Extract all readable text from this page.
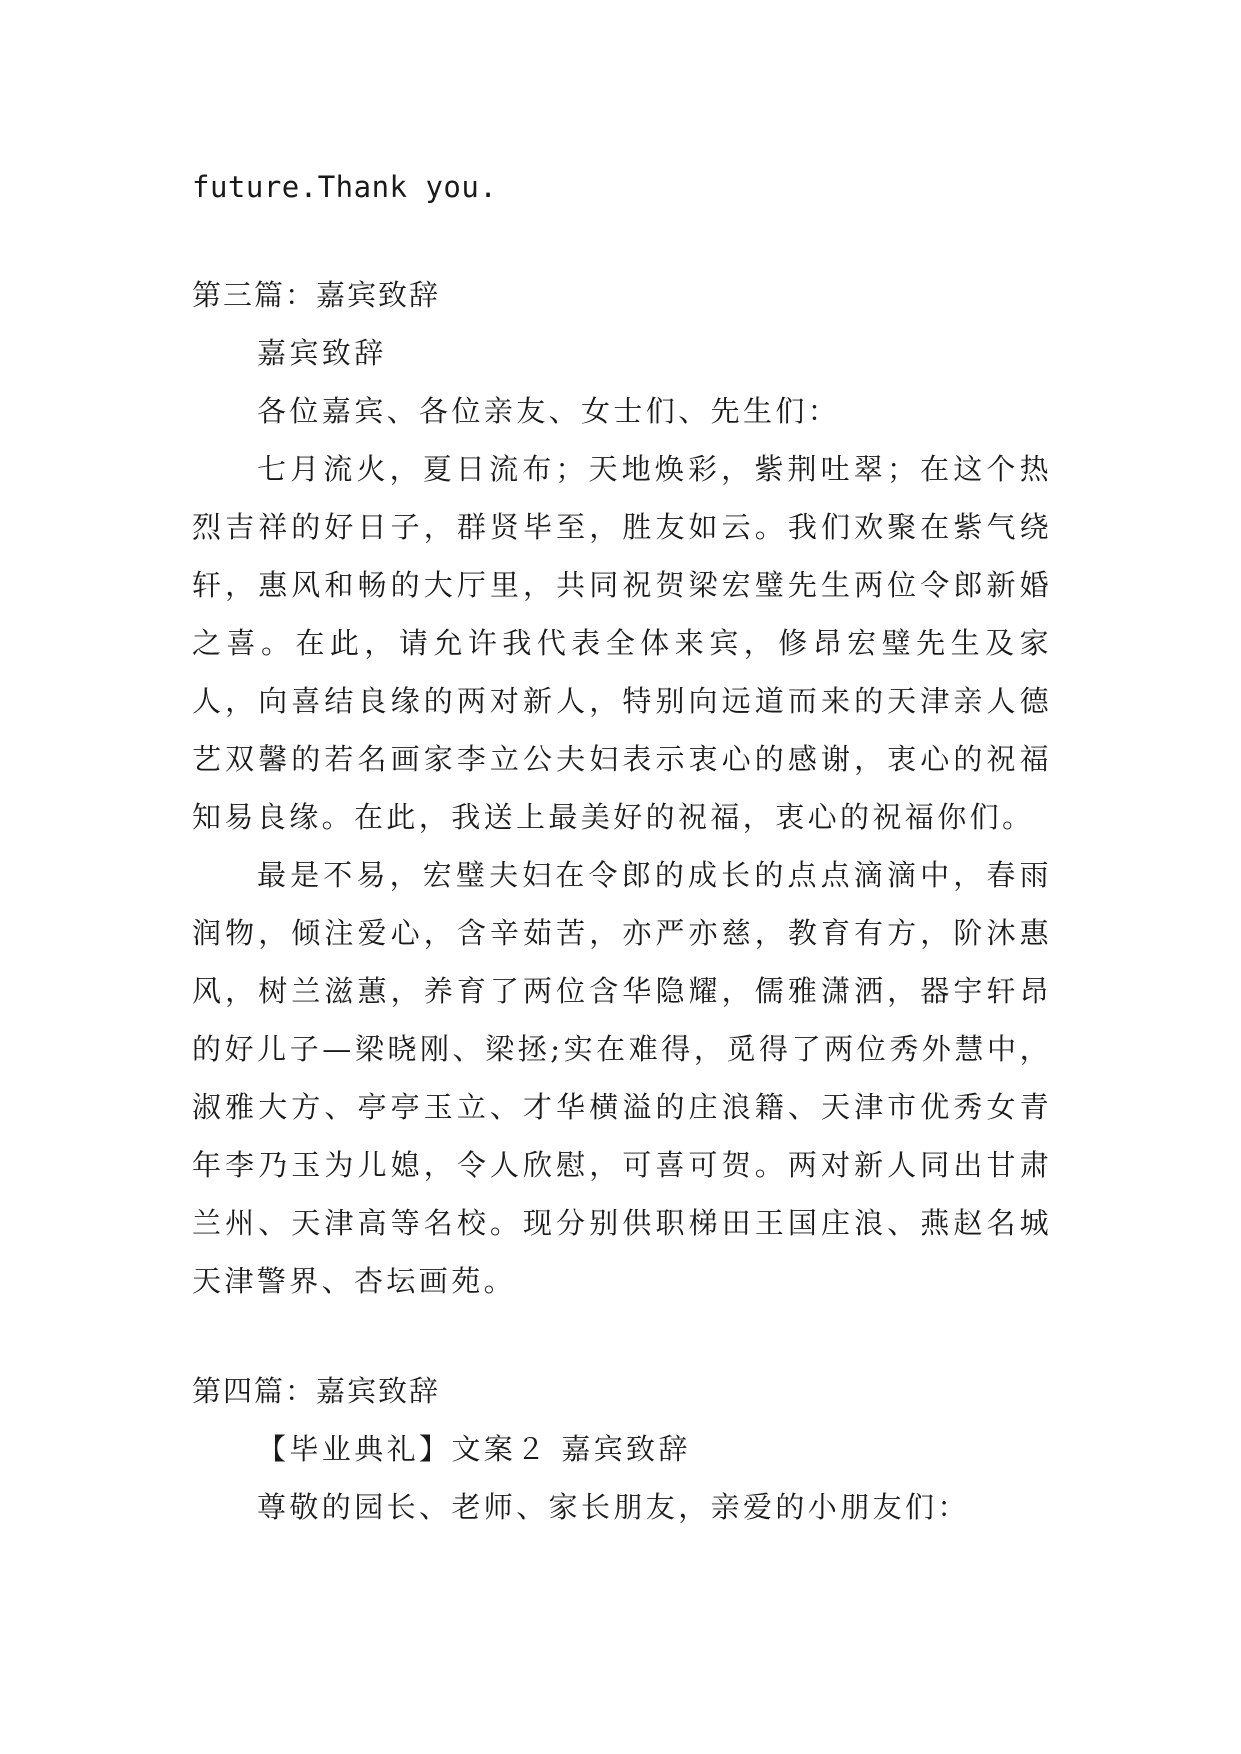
future.Thank you.

第三篇：嘉宾致辞

嘉宾致辞

各位嘉宾、各位亲友、女士们、先生们：

七月流火，夏日流布；天地焕彩，紫荆吐翠；在这个热烈吉祥的好日子，群贤毕至，胜友如云。我们欢聚在紫气绕轩，惠风和畅的大厅里，共同祝贺梁宏璧先生两位令郎新婚之喜。在此，请允许我代表全体来宾，修昂宏璧先生及家人，向喜结良缘的两对新人，特别向远道而来的天津亲人德艺双馨的若名画家李立公夫妇表示衷心的感谢，衷心的祝福知易良缘。在此，我送上最美好的祝福，衷心的祝福你们。

最是不易，宏璧夫妇在令郎的成长的点点滴滴中，春雨润物，倾注爱心，含辛茹苦，亦严亦慈，教育有方，阶沐惠风，树兰滋蕙，养育了两位含华隐耀，儒雅潇洒，器宇轩昂的好儿子—梁晓刚、梁拯;实在难得，觅得了两位秀外慧中，淑雅大方、亭亭玉立、才华横溢的庄浪籍、天津市优秀女青年李乃玉为儿媳，令人欣慰，可喜可贺。两对新人同出甘肃兰州、天津高等名校。现分别供职梯田王国庄浪、燕赵名城天津警界、杏坛画苑。

第四篇：嘉宾致辞

【毕业典礼】文案２ 嘉宾致辞

尊敬的园长、老师、家长朋友，亲爱的小朋友们：
